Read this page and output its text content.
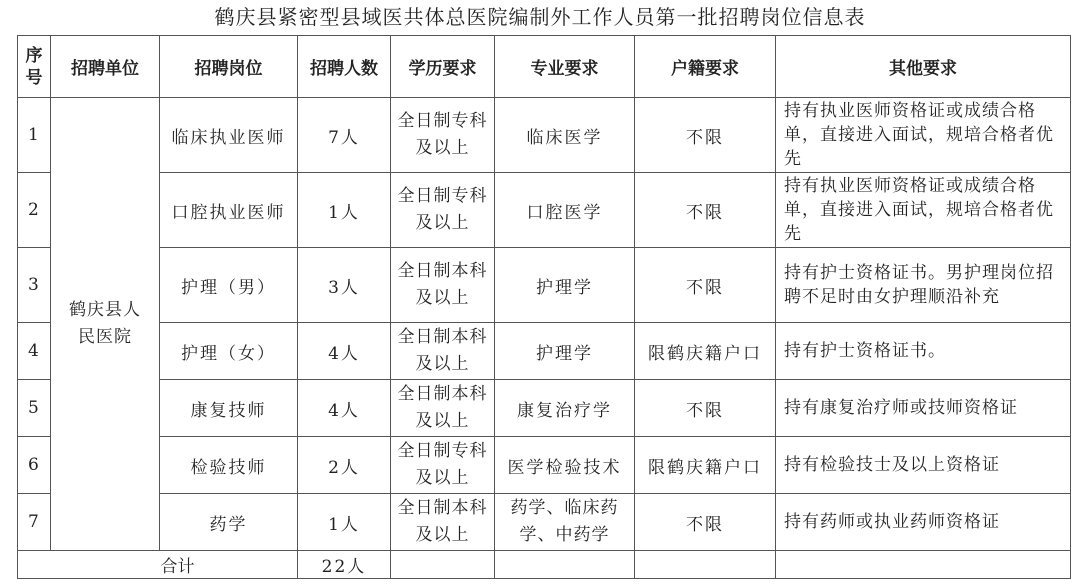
鹤庆县紧密型县域医共体总医院编制外工作人员第一批招聘岗位信息表
序号	招聘单位	招聘岗位	招聘人数	学历要求	专业要求	户籍要求	其他要求
1	鹤庆县人民医院	临床执业医师	7人	全日制专科及以上	临床医学	不限	持有执业医师资格证或成绩合格单，直接进入面试，规培合格者优先
2		口腔执业医师	1人	全日制专科及以上	口腔医学	不限	持有执业医师资格证或成绩合格单，直接进入面试，规培合格者优先
3		护理（男）	3人	全日制本科及以上	护理学	不限	持有护士资格证书。男护理岗位招聘不足时由女护理顺沿补充
4		护理（女）	4人	全日制本科及以上	护理学	限鹤庆籍户口	持有护士资格证书。
5		康复技师	4人	全日制本科及以上	康复治疗学	不限	持有康复治疗师或技师资格证
6		检验技师	2人	全日制专科及以上	医学检验技术	限鹤庆籍户口	持有检验技士及以上资格证
7		药学	1人	全日制本科及以上	药学、临床药学、中药学	不限	持有药师或执业药师资格证
合计			22人				
